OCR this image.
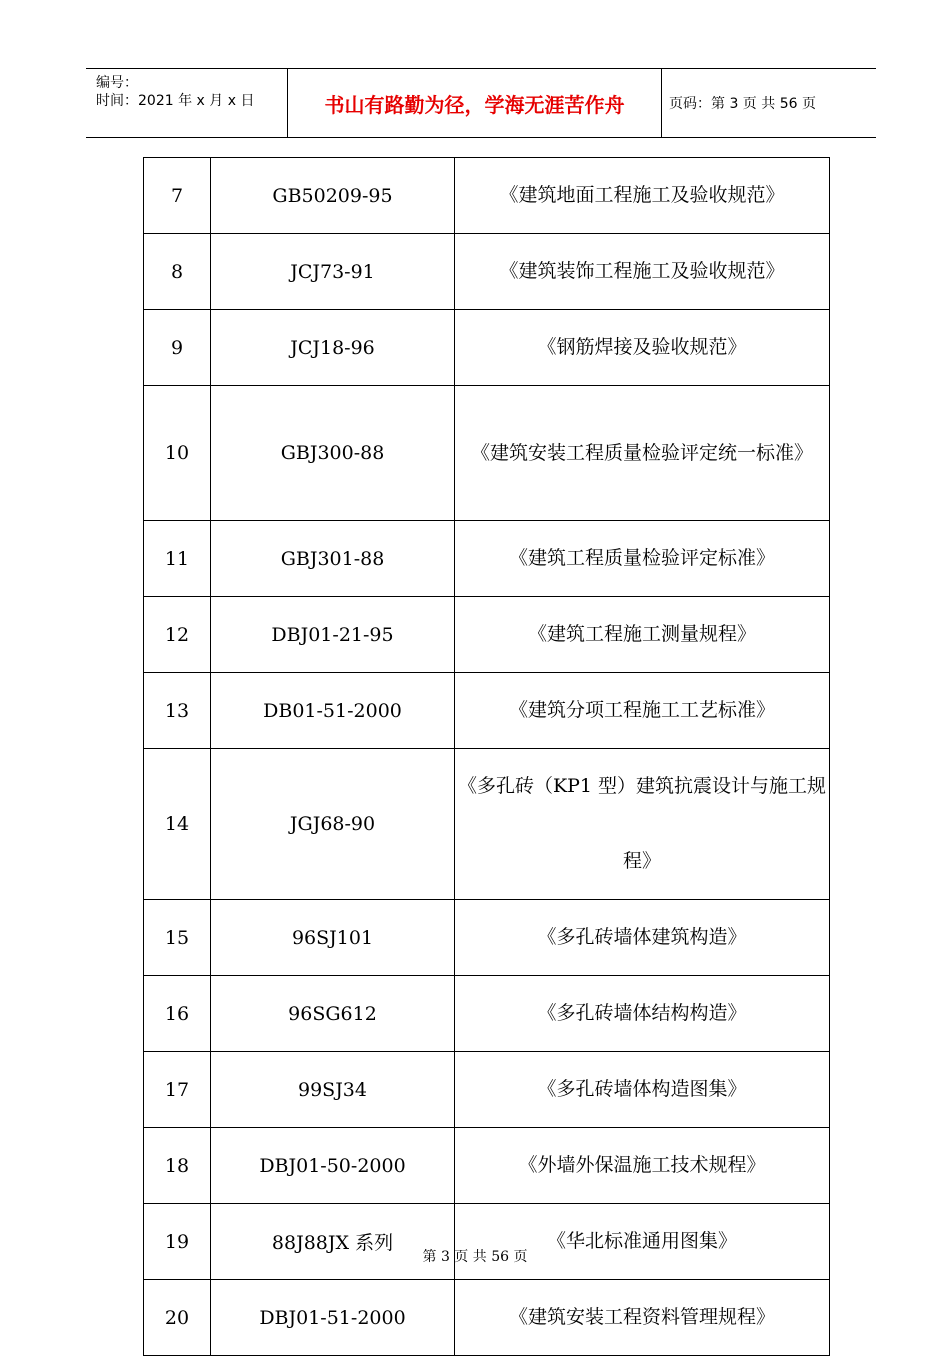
编号：
时间：2021 年 x 月 x 日	书山有路勤为径，学海无涯苦作舟	页码：第 3 页 共 56 页
7	GB50209-95	《建筑地面工程施工及验收规范》
8	JCJ73-91	《建筑装饰工程施工及验收规范》
9	JCJ18-96	《钢筋焊接及验收规范》
10	GBJ300-88	《建筑安装工程质量检验评定统一标准》
11	GBJ301-88	《建筑工程质量检验评定标准》
12	DBJ01-21-95	《建筑工程施工测量规程》
13	DB01-51-2000	《建筑分项工程施工工艺标准》
14	JGJ68-90	《多孔砖（KP1 型）建筑抗震设计与施工规程》
15	96SJ101	《多孔砖墙体建筑构造》
16	96SG612	《多孔砖墙体结构构造》
17	99SJ34	《多孔砖墙体构造图集》
18	DBJ01-50-2000	《外墙外保温施工技术规程》
19	88J88JX 系列	《华北标准通用图集》
20	DBJ01-51-2000	《建筑安装工程资料管理规程》
第 3 页 共 56 页
